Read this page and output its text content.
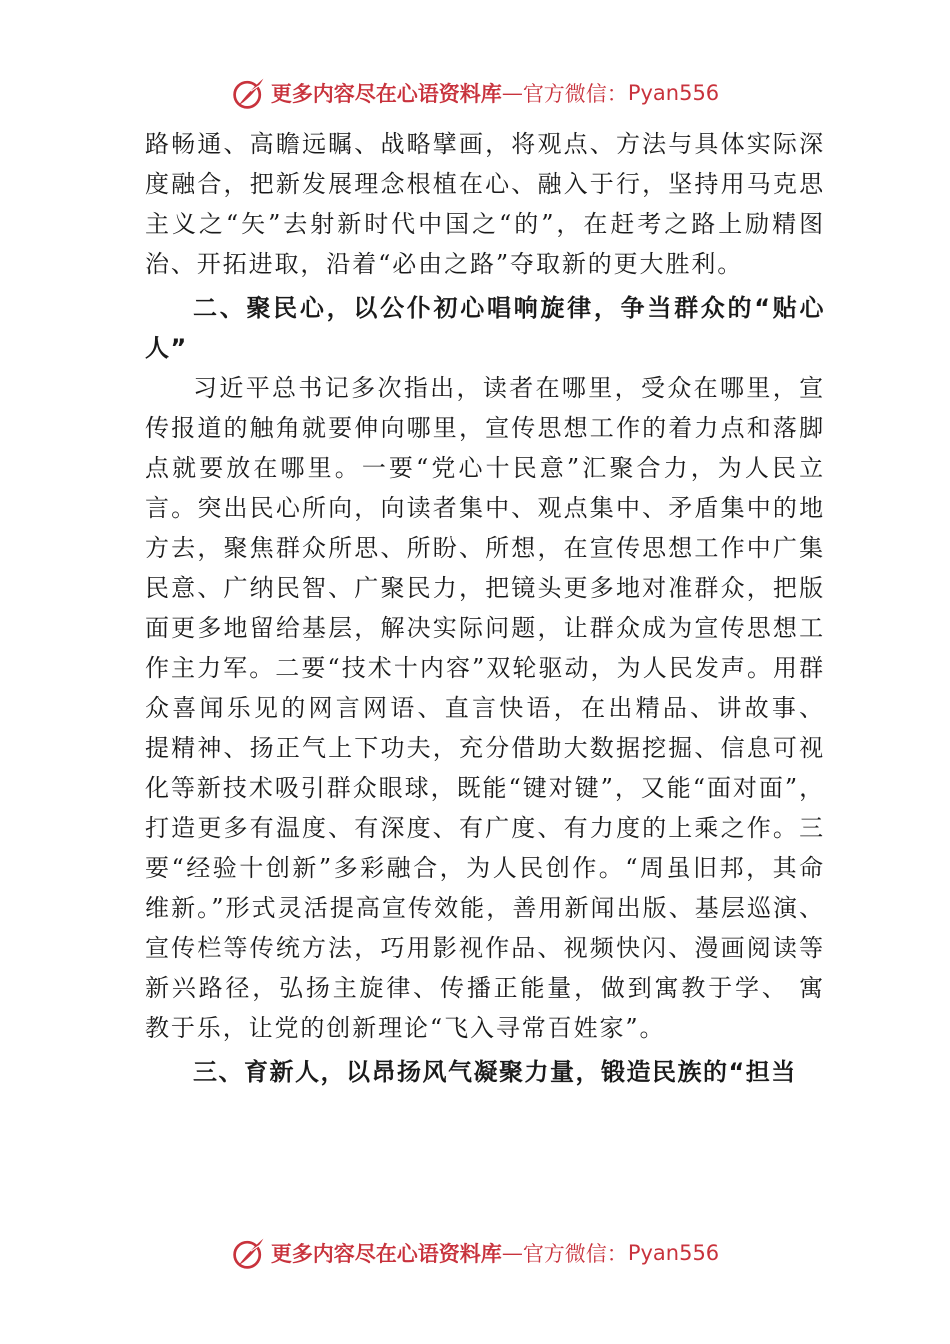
更多内容尽在心语资料库 — 官方微信： Pyan556

路畅通、高瞻远瞩、战略擘画，将观点、方法与具体实际深度融合，把新发展理念根植在心、融入于行，坚持用马克思主义之“矢”去射新时代中国之“的”，在赶考之路上励精图治、开拓进取，沿着“必由之路”夺取新的更大胜利。

二、聚民心，以公仆初心唱响旋律，争当群众的“贴心人”

习近平总书记多次指出，读者在哪里，受众在哪里，宣传报道的触角就要伸向哪里，宣传思想工作的着力点和落脚点就要放在哪里。一要“党心十民意”汇聚合力，为人民立言。突出民心所向，向读者集中、观点集中、矛盾集中的地方去，聚焦群众所思、所盼、所想，在宣传思想工作中广集民意、广纳民智、广聚民力，把镜头更多地对准群众，把版面更多地留给基层，解决实际问题，让群众成为宣传思想工作主力军。二要“技术十内容”双轮驱动，为人民发声。用群众喜闻乐见的网言网语、直言快语，在出精品、讲故事、 提精神、扬正气上下功夫，充分借助大数据挖掘、信息可视化等新技术吸引群众眼球，既能“键对键”，又能“面对面”，打造更多有温度、有深度、有广度、有力度的上乘之作。三要“经验十创新”多彩融合，为人民创作。“周虽旧邦，其命维新。”形式灵活提高宣传效能，善用新闻出版、基层巡演、宣传栏等传统方法，巧用影视作品、视频快闪、漫画阅读等新兴路径，弘扬主旋律、传播正能量，做到寓教于学、 寓教于乐，让党的创新理论“飞入寻常百姓家”。

三、育新人，以昂扬风气凝聚力量，锻造民族的“担当

更多内容尽在心语资料库 — 官方微信： Pyan556
